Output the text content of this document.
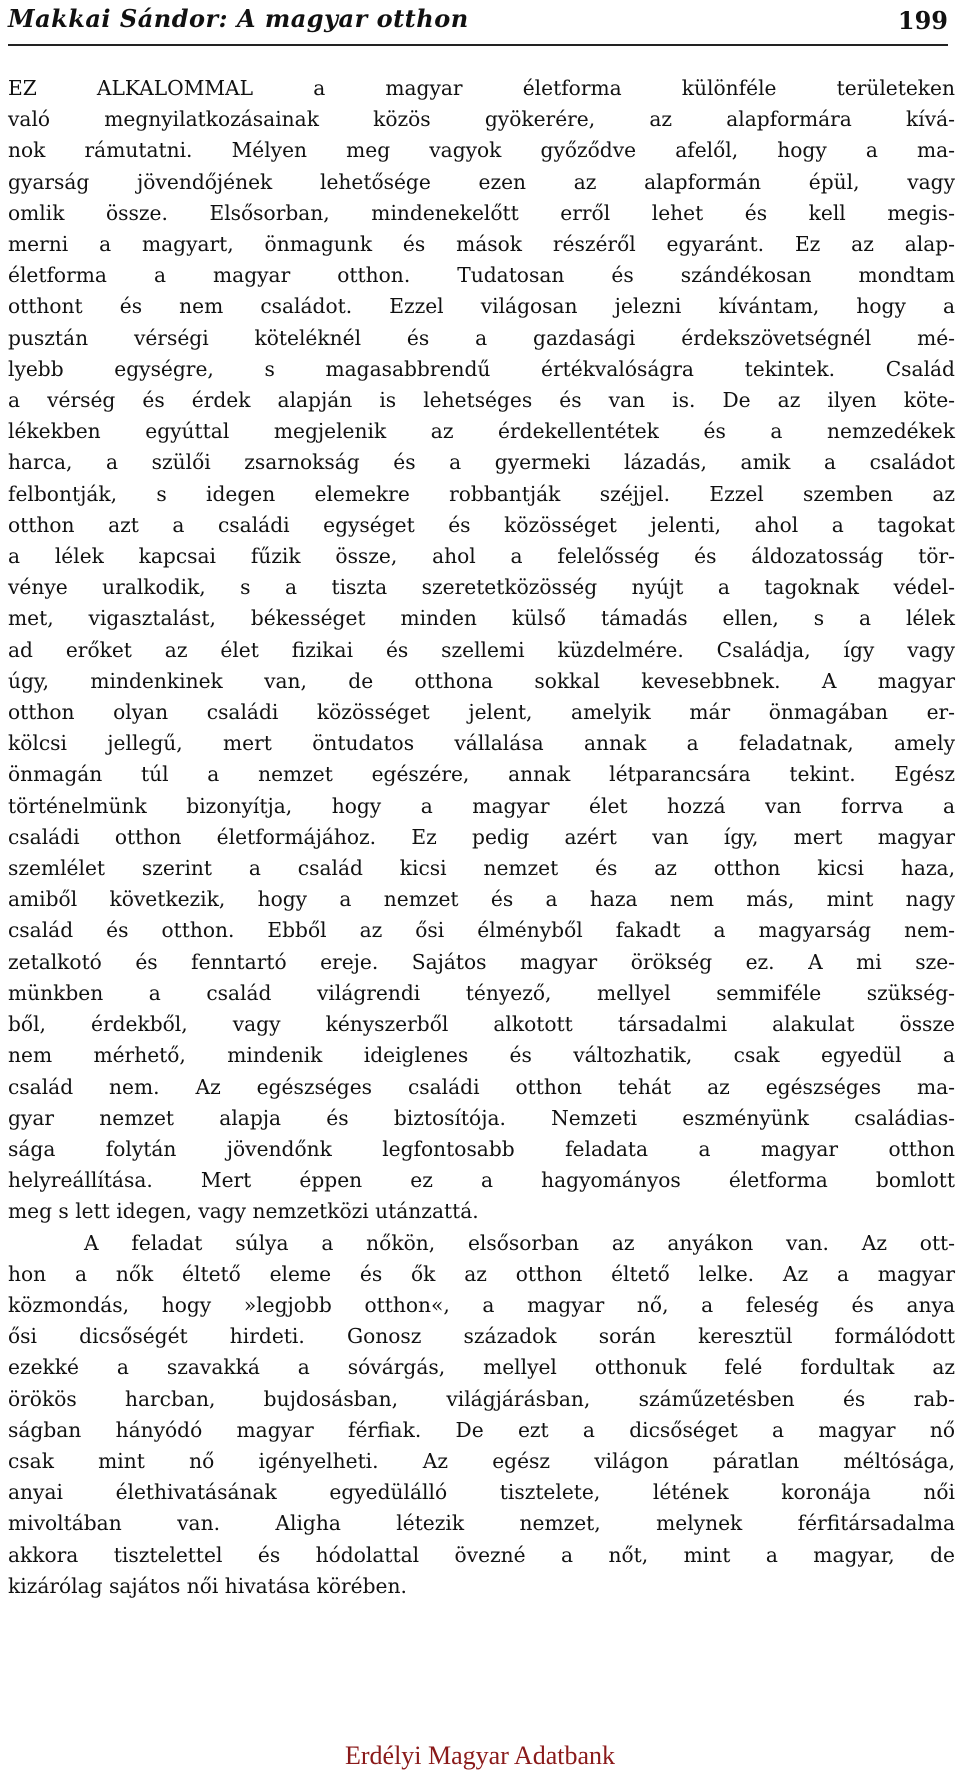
Makkai Sándor: A magyar otthon	199

EZ ALKALOMMAL a magyar életforma különféle területeken
való megnyilatkozásainak közös gyökerére, az alapformára kívá-
nok rámutatni. Mélyen meg vagyok győződve afelől, hogy a ma-
gyarság jövendőjének lehetősége ezen az alapformán épül, vagy
omlik össze. Elsősorban, mindenekelőtt erről lehet és kell megis-
merni a magyart, önmagunk és mások részéről egyaránt. Ez az alap-
életforma a magyar otthon. Tudatosan és szándékosan mondtam
otthont és nem családot. Ezzel világosan jelezni kívántam, hogy a
pusztán vérségi köteléknél és a gazdasági érdekszövetségnél mé-
lyebb egységre, s magasabbrendű értékvalóságra tekintek. Család
a vérség és érdek alapján is lehetséges és van is. De az ilyen köte-
lékekben egyúttal megjelenik az érdekellentétek és a nemzedékek
harca, a szülői zsarnokság és a gyermeki lázadás, amik a családot
felbontják, s idegen elemekre robbantják széjjel. Ezzel szemben az
otthon azt a családi egységet és közösséget jelenti, ahol a tagokat
a lélek kapcsai fűzik össze, ahol a felelősség és áldozatosság tör-
vénye uralkodik, s a tiszta szeretetközösség nyújt a tagoknak védel-
met, vigasztalást, békességet minden külső támadás ellen, s a lélek
ad erőket az élet fizikai és szellemi küzdelmére. Családja, így vagy
úgy, mindenkinek van, de otthona sokkal kevesebbnek. A magyar
otthon olyan családi közösséget jelent, amelyik már önmagában er-
kölcsi jellegű, mert öntudatos vállalása annak a feladatnak, amely
önmagán túl a nemzet egészére, annak létparancsára tekint. Egész
történelmünk bizonyítja, hogy a magyar élet hozzá van forrva a
családi otthon életformájához. Ez pedig azért van így, mert magyar
szemlélet szerint a család kicsi nemzet és az otthon kicsi haza,
amiből következik, hogy a nemzet és a haza nem más, mint nagy
család és otthon. Ebből az ősi élményből fakadt a magyarság nem-
zetalkotó és fenntartó ereje. Sajátos magyar örökség ez. A mi sze-
münkben a család világrendi tényező, mellyel semmiféle szükség-
ből, érdekből, vagy kényszerből alkotott társadalmi alakulat össze
nem mérhető, mindenik ideiglenes és változhatik, csak egyedül a
család nem. Az egészséges családi otthon tehát az egészséges ma-
gyar nemzet alapja és biztosítója. Nemzeti eszményünk családias-
sága folytán jövendőnk legfontosabb feladata a magyar otthon
helyreállítása. Mert éppen ez a hagyományos életforma bomlott
meg s lett idegen, vagy nemzetközi utánzattá.

A feladat súlya a nőkön, elsősorban az anyákon van. Az ott-
hon a nők éltető eleme és ők az otthon éltető lelke. Az a magyar
közmondás, hogy »legjobb otthon«, a magyar nő, a feleség és anya
ősi dicsőségét hirdeti. Gonosz századok során keresztül formálódott
ezekké a szavakká a sóvárgás, mellyel otthonuk felé fordultak az
örökös harcban, bujdosásban, világjárásban, száműzetésben és rab-
ságban hányódó magyar férfiak. De ezt a dicsőséget a magyar nő
csak mint nő igényelheti. Az egész világon páratlan méltósága,
anyai élethivatásának egyedülálló tisztelete, létének koronája női
mivoltában van. Aligha létezik nemzet, melynek férfitársadalma
akkora tisztelettel és hódolattal övezné a nőt, mint a magyar, de
kizárólag sajátos női hivatása körében.

Erdélyi Magyar Adatbank
